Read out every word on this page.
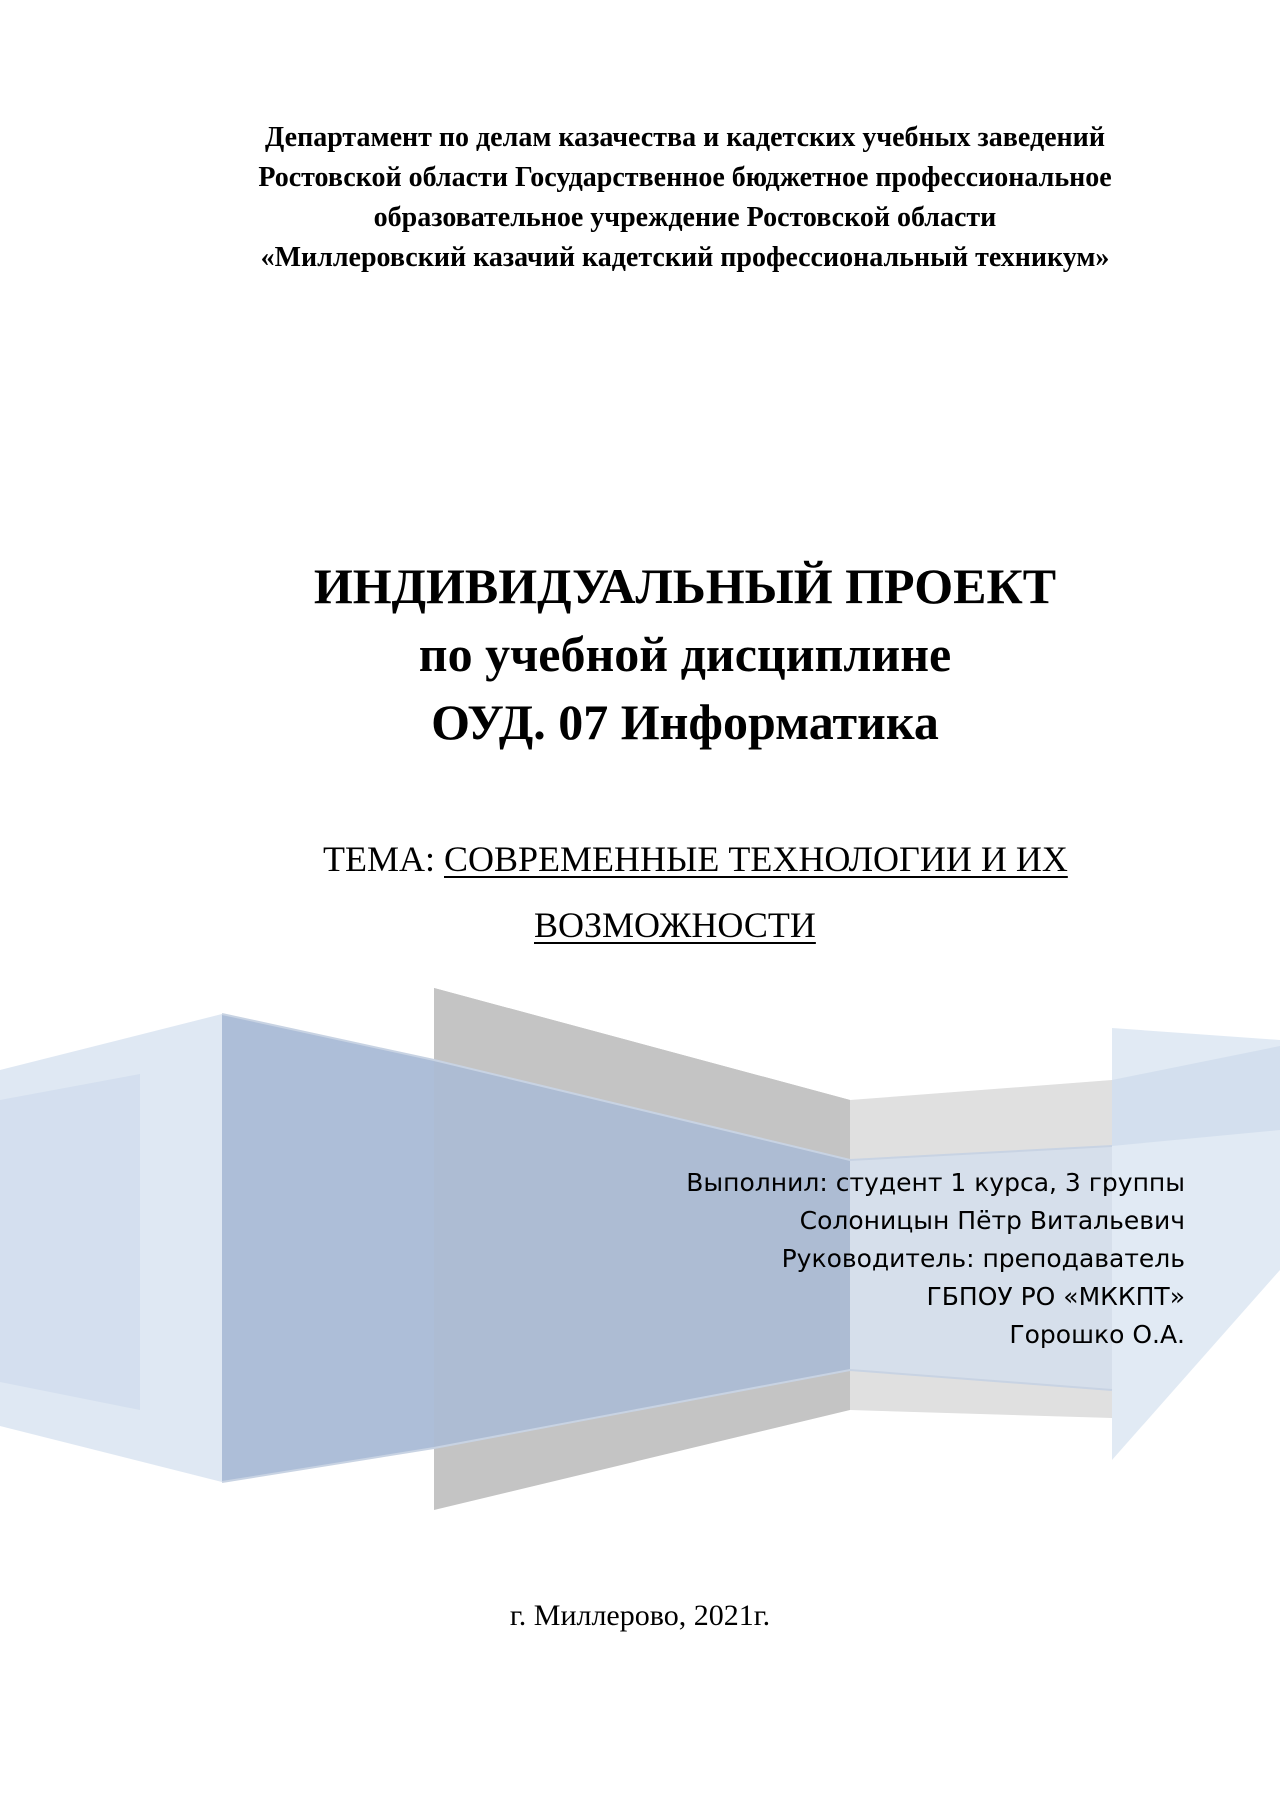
Департамент по делам казачества и кадетских учебных заведений
Ростовской области Государственное бюджетное профессиональное
образовательное учреждение Ростовской области
«Миллеровский казачий кадетский профессиональный техникум»
ИНДИВИДУАЛЬНЫЙ ПРОЕКТ
по учебной дисциплине
ОУД. 07 Информатика
ТЕМА: СОВРЕМЕННЫЕ ТЕХНОЛОГИИ И ИХ
ВОЗМОЖНОСТИ
Выполнил: студент 1 курса, 3 группы
Солоницын Пётр Витальевич
Руководитель: преподаватель
ГБПОУ РО «МККПТ»
Горошко О.А.
г. Миллерово, 2021г.
